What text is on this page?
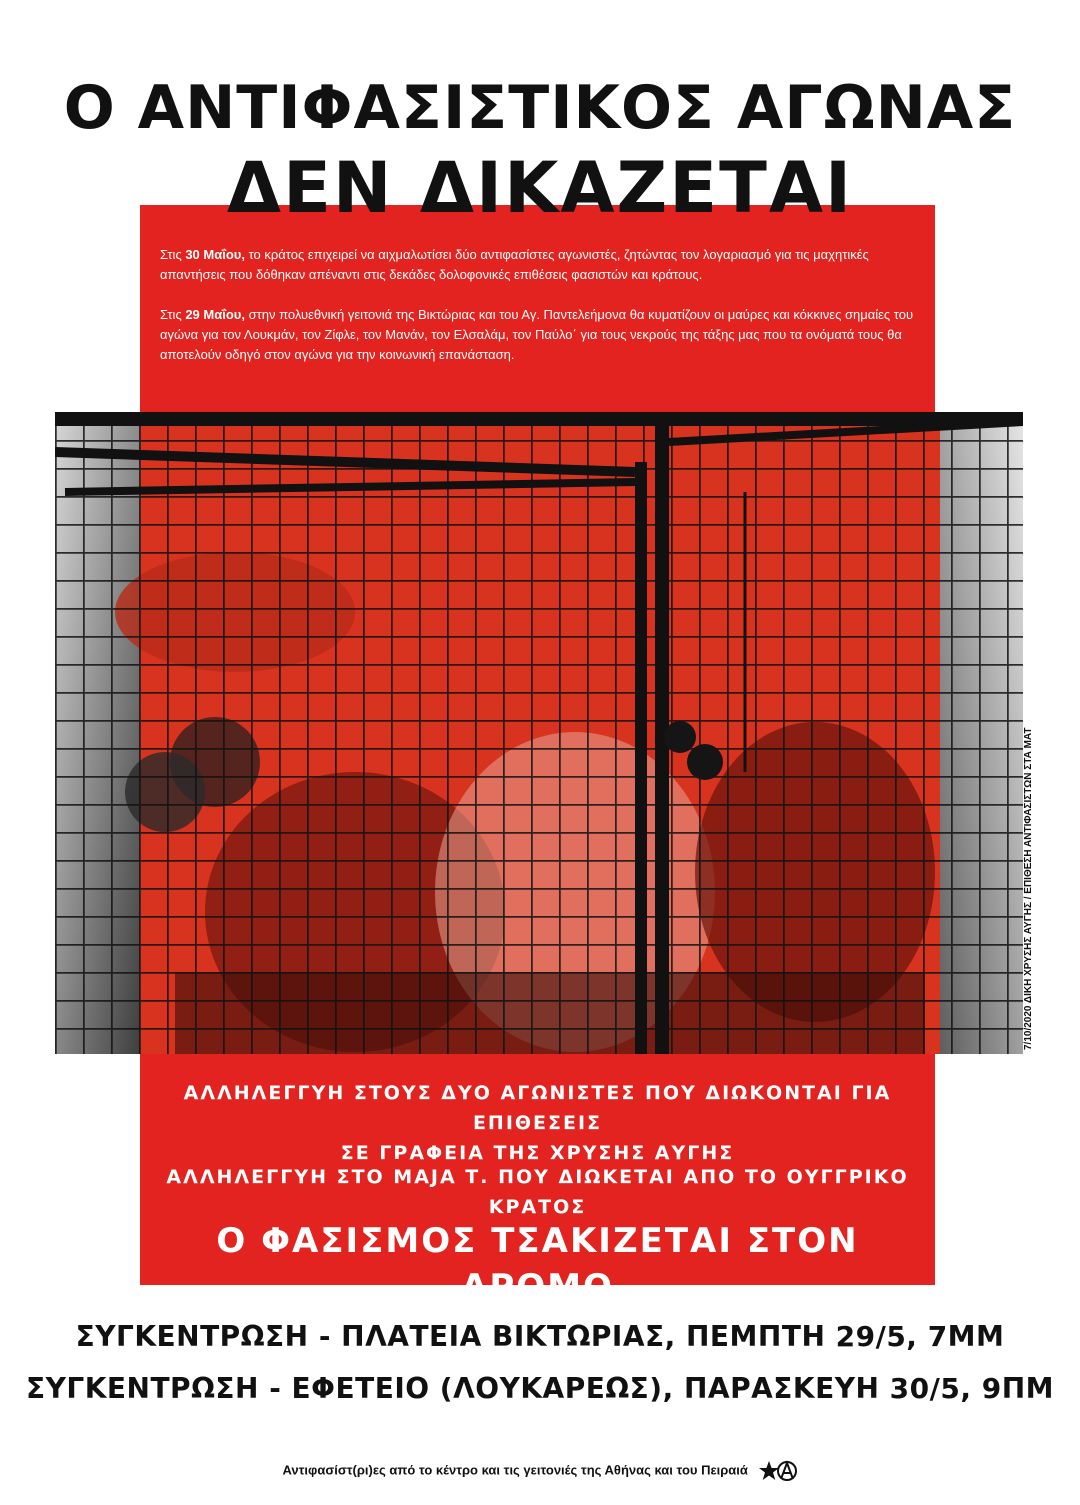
Ο ΑΝΤΙΦΑΣΙΣΤΙΚΟΣ ΑΓΩΝΑΣ
ΔΕΝ ΔΙΚΑΖΕΤΑΙ

Στις 30 Μαΐου, το κράτος επιχειρεί να αιχμαλωτίσει δύο αντιφασίστες αγωνιστές, ζητώντας τον λογαριασμό για τις μαχητικές απαντήσεις που δόθηκαν απέναντι στις δεκάδες δολοφονικές επιθέσεις φασιστών και κράτους.

Στις 29 Μαΐου, στην πολυεθνική γειτονιά της Βικτώριας και του Αγ. Παντελεήμονα θα κυματίζουν οι μαύρες και κόκκινες σημαίες του αγώνα για τον Λουκμάν, τον Ζίφλε, τον Μανάν, τον Ελσαλάμ, τον Παύλο΄ για τους νεκρούς της τάξης μας που τα ονόματά τους θα αποτελούν οδηγό στον αγώνα για την κοινωνική επανάσταση.

7/10/2020 ΔΙΚΗ ΧΡΥΣΗΣ ΑΥΓΗΣ / ΕΠΙΘΕΣΗ ΑΝΤΙΦΑΣΙΣΤΩΝ ΣΤΑ ΜΑΤ
ΑΛΛΗΛΕΓΓΥΗ ΣΤΟΥΣ ΔΥΟ ΑΓΩΝΙΣΤΕΣ ΠΟΥ ΔΙΩΚΟΝΤΑΙ ΓΙΑ ΕΠΙΘΕΣΕΙΣ
ΣΕ ΓΡΑΦΕΙΑ ΤΗΣ ΧΡΥΣΗΣ ΑΥΓΗΣ
ΑΛΛΗΛΕΓΓΥΗ ΣΤΟ ΜΑJΑ Τ. ΠΟΥ ΔΙΩΚΕΤΑΙ ΑΠΟ ΤΟ ΟΥΓΓΡΙΚΟ ΚΡΑΤΟΣ
Ο ΦΑΣΙΣΜΟΣ ΤΣΑΚΙΖΕΤΑΙ ΣΤΟΝ ΔΡΟΜΟ
ΣΥΓΚΕΝΤΡΩΣΗ - ΠΛΑΤΕΙΑ ΒΙΚΤΩΡΙΑΣ, ΠΕΜΠΤΗ 29/5, 7ΜΜ
ΣΥΓΚΕΝΤΡΩΣΗ - ΕΦΕΤΕΙΟ (ΛΟΥΚΑΡΕΩΣ), ΠΑΡΑΣΚΕΥΗ 30/5, 9ΠΜ
Αντιφασίστ(ρι)ες από το κέντρο και τις γειτονιές της Αθήνας και του Πειραιά
